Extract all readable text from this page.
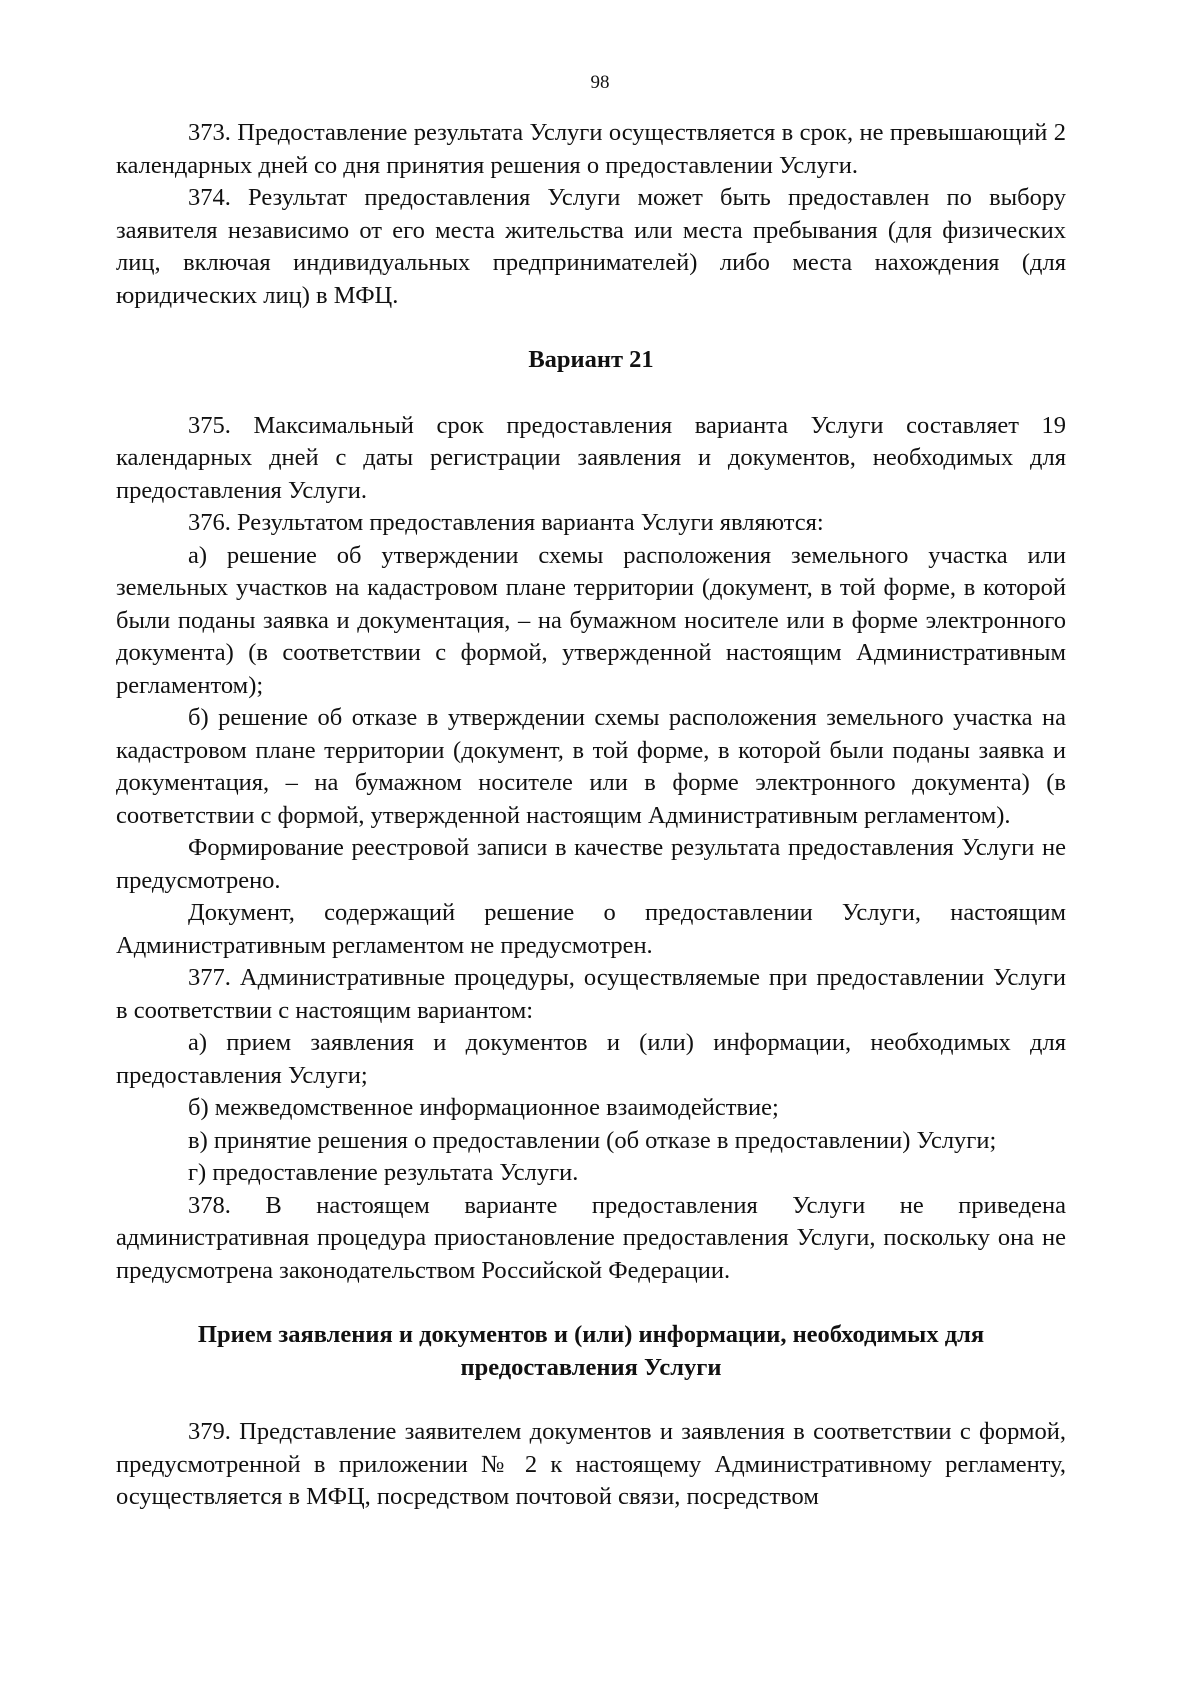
98

373. Предоставление результата Услуги осуществляется в срок, не превышающий 2 календарных дней со дня принятия решения о предоставлении Услуги.

374. Результат предоставления Услуги может быть предоставлен по выбору заявителя независимо от его места жительства или места пребывания (для физических лиц, включая индивидуальных предпринимателей) либо места нахождения (для юридических лиц) в МФЦ.

Вариант 21

375. Максимальный срок предоставления варианта Услуги составляет 19 календарных дней с даты регистрации заявления и документов, необходимых для предоставления Услуги.

376. Результатом предоставления варианта Услуги являются:

а) решение об утверждении схемы расположения земельного участка или земельных участков на кадастровом плане территории (документ, в той форме, в которой были поданы заявка и документация, – на бумажном носителе или в форме электронного документа) (в соответствии с формой, утвержденной настоящим Административным регламентом);

б) решение об отказе в утверждении схемы расположения земельного участка на кадастровом плане территории (документ, в той форме, в которой были поданы заявка и документация, – на бумажном носителе или в форме электронного документа) (в соответствии с формой, утвержденной настоящим Административным регламентом).

Формирование реестровой записи в качестве результата предоставления Услуги не предусмотрено.

Документ, содержащий решение о предоставлении Услуги, настоящим Административным регламентом не предусмотрен.

377. Административные процедуры, осуществляемые при предоставлении Услуги в соответствии с настоящим вариантом:

а) прием заявления и документов и (или) информации, необходимых для предоставления Услуги;

б) межведомственное информационное взаимодействие;

в) принятие решения о предоставлении (об отказе в предоставлении) Услуги;

г) предоставление результата Услуги.

378. В настоящем варианте предоставления Услуги не приведена административная процедура приостановление предоставления Услуги, поскольку она не предусмотрена законодательством Российской Федерации.

Прием заявления и документов и (или) информации, необходимых для предоставления Услуги

379. Представление заявителем документов и заявления в соответствии с формой, предусмотренной в приложении № 2 к настоящему Административному регламенту, осуществляется в МФЦ, посредством почтовой связи, посредством
